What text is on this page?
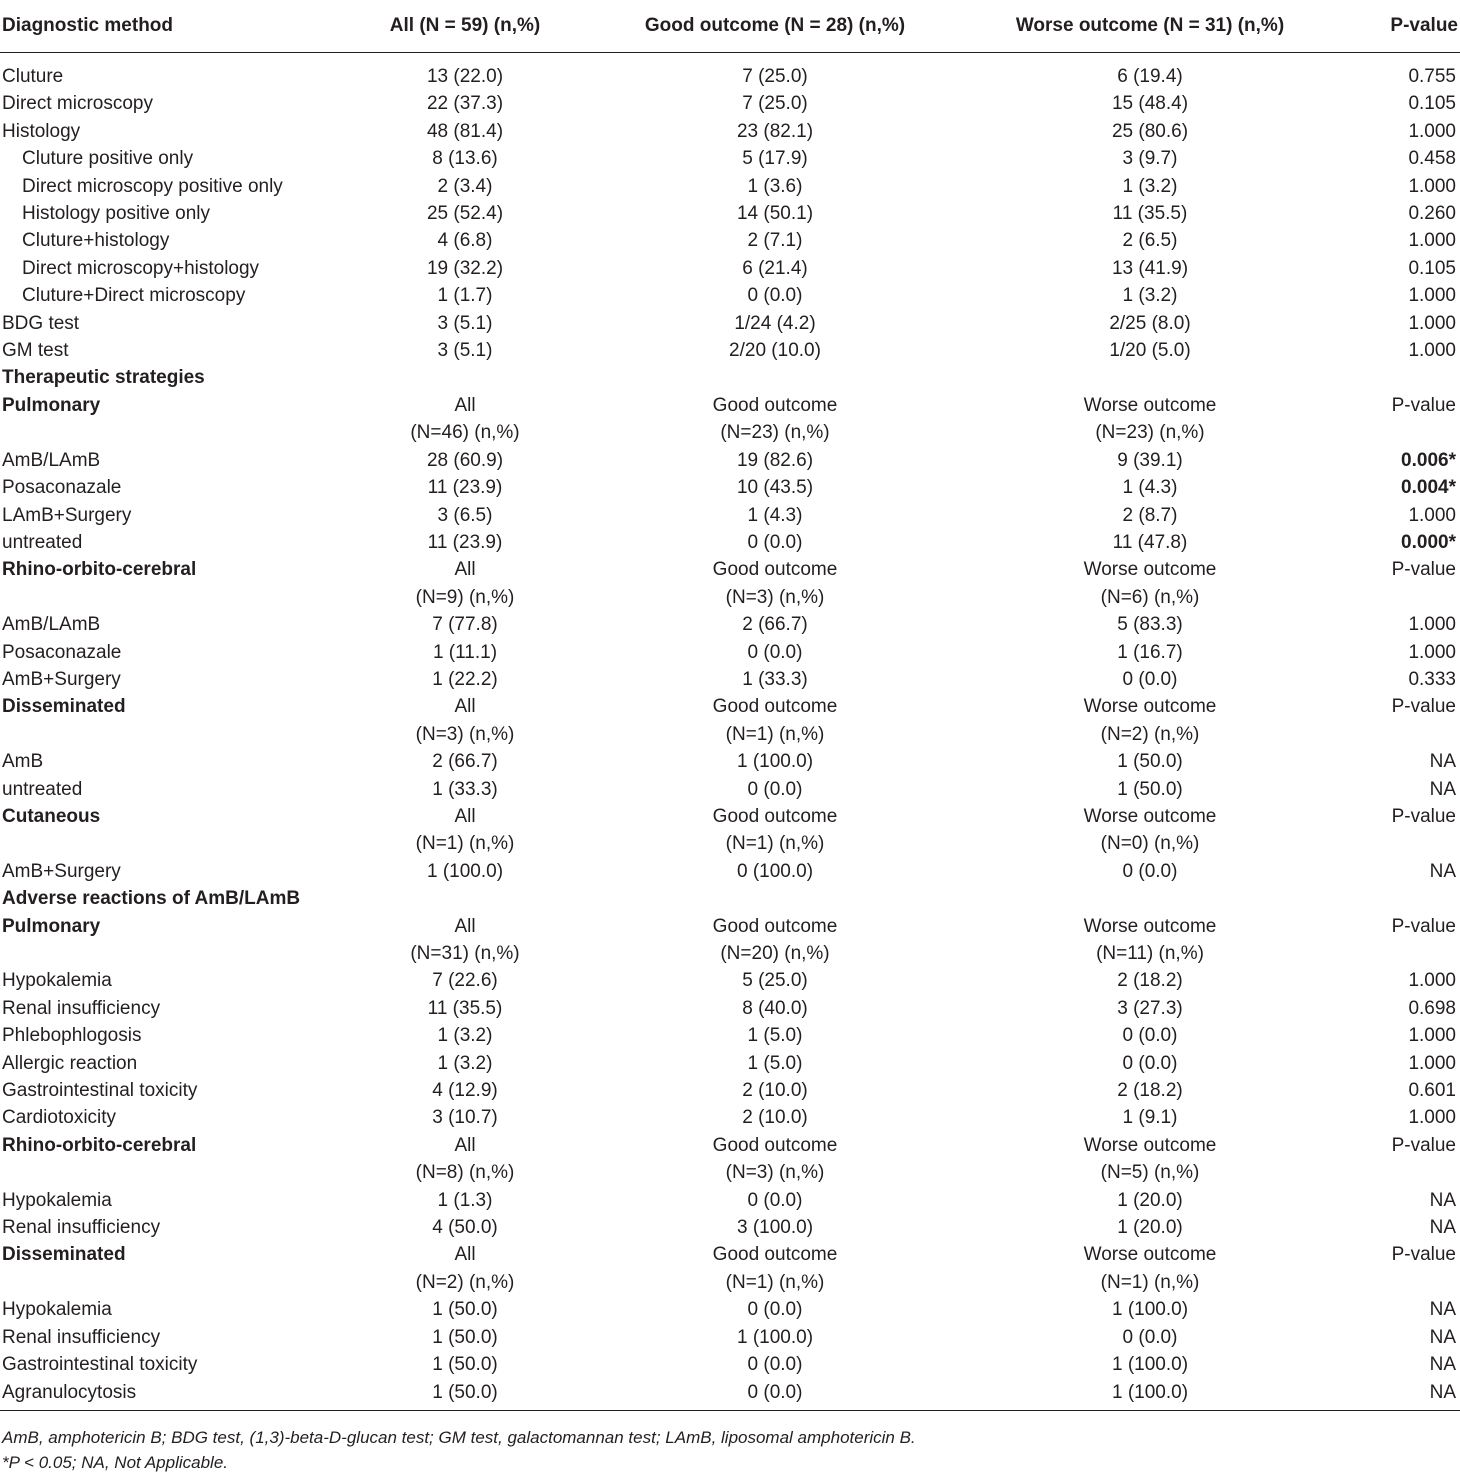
Diagnostic method	All (N = 59) (n,%)	Good outcome (N = 28) (n,%)	Worse outcome (N = 31) (n,%)	P-value
Cluture	13 (22.0)	7 (25.0)	6 (19.4)	0.755
Direct microscopy	22 (37.3)	7 (25.0)	15 (48.4)	0.105
Histology	48 (81.4)	23 (82.1)	25 (80.6)	1.000
Cluture positive only	8 (13.6)	5 (17.9)	3 (9.7)	0.458
Direct microscopy positive only	2 (3.4)	1 (3.6)	1 (3.2)	1.000
Histology positive only	25 (52.4)	14 (50.1)	11 (35.5)	0.260
Cluture+histology	4 (6.8)	2 (7.1)	2 (6.5)	1.000
Direct microscopy+histology	19 (32.2)	6 (21.4)	13 (41.9)	0.105
Cluture+Direct microscopy	1 (1.7)	0 (0.0)	1 (3.2)	1.000
BDG test	3 (5.1)	1/24 (4.2)	2/25 (8.0)	1.000
GM test	3 (5.1)	2/20 (10.0)	1/20 (5.0)	1.000
Therapeutic strategies				
Pulmonary	All	Good outcome	Worse outcome	P-value
	(N=46) (n,%)	(N=23) (n,%)	(N=23) (n,%)	
AmB/LAmB	28 (60.9)	19 (82.6)	9 (39.1)	0.006*
Posaconazale	11 (23.9)	10 (43.5)	1 (4.3)	0.004*
LAmB+Surgery	3 (6.5)	1 (4.3)	2 (8.7)	1.000
untreated	11 (23.9)	0 (0.0)	11 (47.8)	0.000*
Rhino-orbito-cerebral	All	Good outcome	Worse outcome	P-value
	(N=9) (n,%)	(N=3) (n,%)	(N=6) (n,%)	
AmB/LAmB	7 (77.8)	2 (66.7)	5 (83.3)	1.000
Posaconazale	1 (11.1)	0 (0.0)	1 (16.7)	1.000
AmB+Surgery	1 (22.2)	1 (33.3)	0 (0.0)	0.333
Disseminated	All	Good outcome	Worse outcome	P-value
	(N=3) (n,%)	(N=1) (n,%)	(N=2) (n,%)	
AmB	2 (66.7)	1 (100.0)	1 (50.0)	NA
untreated	1 (33.3)	0 (0.0)	1 (50.0)	NA
Cutaneous	All	Good outcome	Worse outcome	P-value
	(N=1) (n,%)	(N=1) (n,%)	(N=0) (n,%)	
AmB+Surgery	1 (100.0)	0 (100.0)	0 (0.0)	NA
Adverse reactions of AmB/LAmB				
Pulmonary	All	Good outcome	Worse outcome	P-value
	(N=31) (n,%)	(N=20) (n,%)	(N=11) (n,%)	
Hypokalemia	7 (22.6)	5 (25.0)	2 (18.2)	1.000
Renal insufficiency	11 (35.5)	8 (40.0)	3 (27.3)	0.698
Phlebophlogosis	1 (3.2)	1 (5.0)	0 (0.0)	1.000
Allergic reaction	1 (3.2)	1 (5.0)	0 (0.0)	1.000
Gastrointestinal toxicity	4 (12.9)	2 (10.0)	2 (18.2)	0.601
Cardiotoxicity	3 (10.7)	2 (10.0)	1 (9.1)	1.000
Rhino-orbito-cerebral	All	Good outcome	Worse outcome	P-value
	(N=8) (n,%)	(N=3) (n,%)	(N=5) (n,%)	
Hypokalemia	1 (1.3)	0 (0.0)	1 (20.0)	NA
Renal insufficiency	4 (50.0)	3 (100.0)	1 (20.0)	NA
Disseminated	All	Good outcome	Worse outcome	P-value
	(N=2) (n,%)	(N=1) (n,%)	(N=1) (n,%)	
Hypokalemia	1 (50.0)	0 (0.0)	1 (100.0)	NA
Renal insufficiency	1 (50.0)	1 (100.0)	0 (0.0)	NA
Gastrointestinal toxicity	1 (50.0)	0 (0.0)	1 (100.0)	NA
Agranulocytosis	1 (50.0)	0 (0.0)	1 (100.0)	NA
AmB, amphotericin B; BDG test, (1,3)-beta-D-glucan test; GM test, galactomannan test; LAmB, liposomal amphotericin B.
*P < 0.05; NA, Not Applicable.
